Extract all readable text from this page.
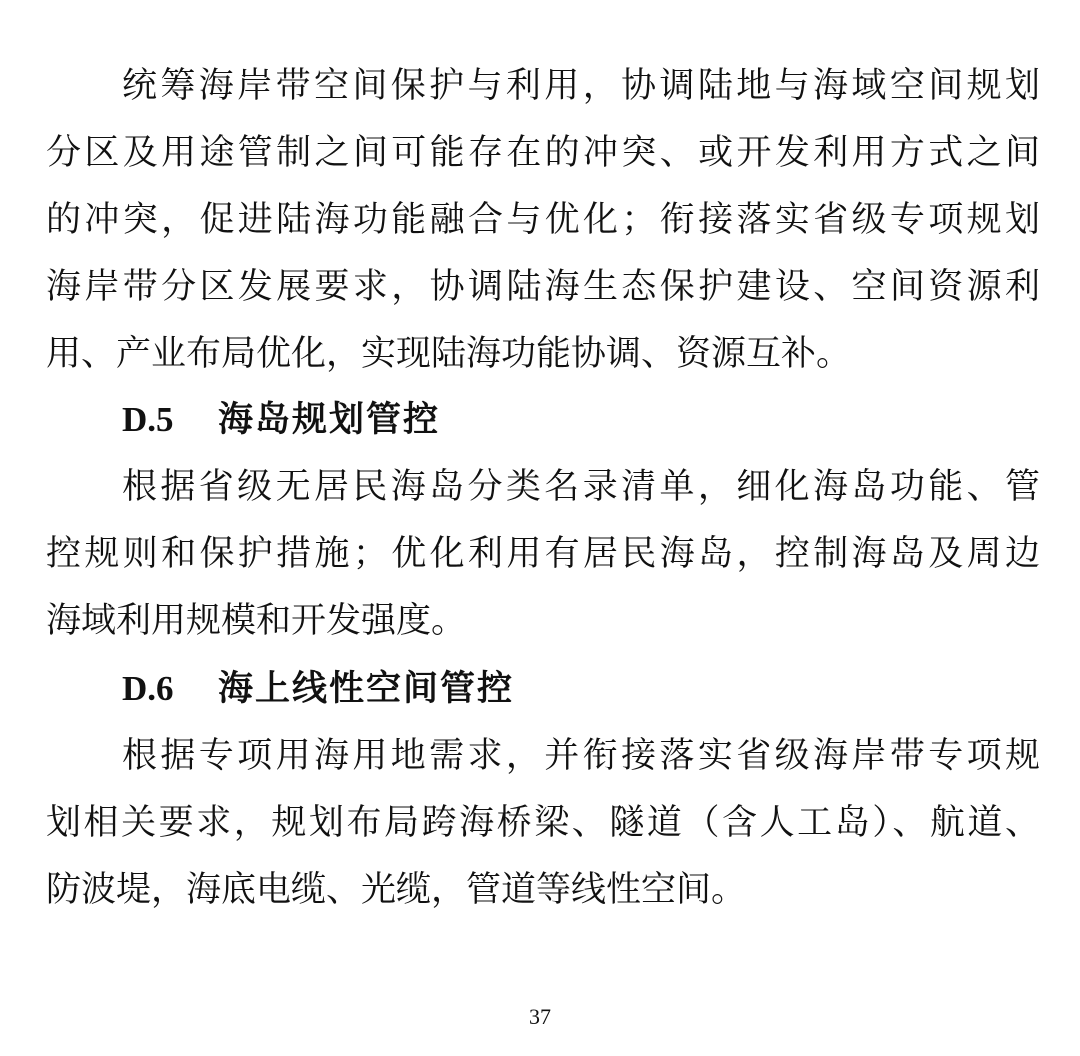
统筹海岸带空间保护与利用，协调陆地与海域空间规划
分区及用途管制之间可能存在的冲突、或开发利用方式之间
的冲突，促进陆海功能融合与优化；衔接落实省级专项规划
海岸带分区发展要求，协调陆海生态保护建设、空间资源利
用、产业布局优化，实现陆海功能协调、资源互补。
D.5 海岛规划管控
根据省级无居民海岛分类名录清单，细化海岛功能、管
控规则和保护措施；优化利用有居民海岛，控制海岛及周边
海域利用规模和开发强度。
D.6 海上线性空间管控
根据专项用海用地需求，并衔接落实省级海岸带专项规
划相关要求，规划布局跨海桥梁、隧道（含人工岛）、航道、
防波堤，海底电缆、光缆，管道等线性空间。
37
